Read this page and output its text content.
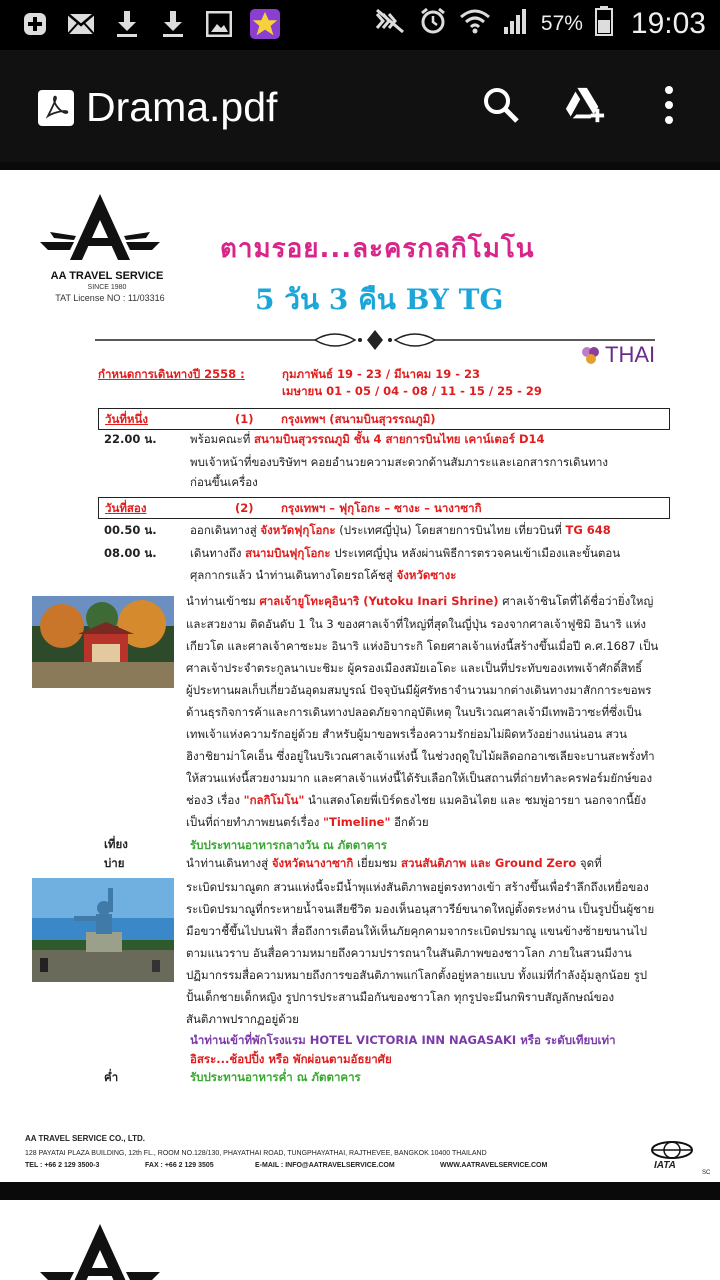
57% 19:03
Drama.pdf
AA TRAVEL SERVICE
SINCE 1980
TAT License NO : 11/03316
ตามรอย...ละครกลกิโมโน
5 วัน 3 คืน BY TG
THAI
กำหนดการเดินทางปี 2558 :	กุมภาพันธ์ 19 - 23 / มีนาคม 19 - 23
เมษายน 01 - 05 / 04 - 08 / 11 - 15 / 25 - 29
วันที่หนึ่ง	(1) กรุงเทพฯ (สนามบินสุวรรณภูมิ)
22.00 น.	พร้อมคณะที่ สนามบินสุวรรณภูมิ ชั้น 4 สายการบินไทย เคาน์เตอร์ D14
พบเจ้าหน้าที่ของบริษัทฯ คอยอำนวยความสะดวกด้านสัมภาระและเอกสารการเดินทาง
ก่อนขึ้นเครื่อง
วันที่สอง	(2) กรุงเทพฯ – ฟุกุโอกะ – ซางะ – นางาซากิ
00.50 น.	ออกเดินทางสู่ จังหวัดฟุกุโอกะ (ประเทศญี่ปุ่น) โดยสายการบินไทย เที่ยวบินที่ TG 648
08.00 น.	เดินทางถึง สนามบินฟุกุโอกะ ประเทศญี่ปุ่น หลังผ่านพิธีการตรวจคนเข้าเมืองและขั้นตอน
ศุลกากรแล้ว นำท่านเดินทางโดยรถโค้ชสู่ จังหวัดซางะ
นำท่านเข้าชม ศาลเจ้ายูโทะคุอินาริ (Yutoku Inari Shrine) ศาลเจ้าชินโตที่ได้ชื่อว่ายิ่งใหญ่
และสวยงาม ติดอันดับ 1 ใน 3 ของศาลเจ้าที่ใหญ่ที่สุดในญี่ปุ่น รองจากศาลเจ้าฟูชิมิ อินาริ แห่ง
เกียวโต และศาลเจ้าคาซะมะ อินาริ แห่งอิบาระกิ โดยศาลเจ้าแห่งนี้สร้างขึ้นเมื่อปี ค.ศ.1687 เป็น
ศาลเจ้าประจำตระกูลนาเบะชิมะ ผู้ครองเมืองสมัยเอโดะ และเป็นที่ประทับของเทพเจ้าศักดิ์สิทธิ์
ผู้ประทานผลเก็บเกี่ยวอันอุดมสมบูรณ์ ปัจจุบันมีผู้ศรัทธาจำนวนมากต่างเดินทางมาสักการะขอพร
ด้านธุรกิจการค้าและการเดินทางปลอดภัยจากอุบัติเหตุ ในบริเวณศาลเจ้ามีเทพอิวาซะที่ซึ่งเป็น
เทพเจ้าแห่งความรักอยู่ด้วย สำหรับผู้มาขอพรเรื่องความรักย่อมไม่ผิดหวังอย่างแน่นอน สวน
ฮิงาชิยาม่าโคเอ็น ซึ่งอยู่ในบริเวณศาลเจ้าแห่งนี้ ในช่วงฤดูใบไม้ผลิดอกอาเซเลียจะบานสะพรั่งทำ
ให้สวนแห่งนี้สวยงามมาก และศาลเจ้าแห่งนี้ได้รับเลือกให้เป็นสถานที่ถ่ายทำละครฟอร์มยักษ์ของ
ช่อง3 เรื่อง "กลกิโมโน" นำแสดงโดยพี่เบิร์ดธงไชย แมคอินไตย และ ชมพู่อารยา นอกจากนี้ยัง
เป็นที่ถ่ายทำภาพยนตร์เรื่อง "Timeline" อีกด้วย
เที่ยง	รับประทานอาหารกลางวัน ณ ภัตตาคาร
บ่าย	นำท่านเดินทางสู่ จังหวัดนางาซากิ เยี่ยมชม สวนสันติภาพ และ Ground Zero จุดที่
ระเบิดปรมาณูตก สวนแห่งนี้จะมีน้ำพุแห่งสันติภาพอยู่ตรงทางเข้า สร้างขึ้นเพื่อรำลึกถึงเหยื่อของ
ระเบิดปรมาณูที่กระหายน้ำจนเสียชีวิต มองเห็นอนุสาวรีย์ขนาดใหญ่ตั้งตระหง่าน เป็นรูปปั้นผู้ชาย
มือขวาชี้ขึ้นไปบนฟ้า สื่อถึงการเตือนให้เห็นภัยคุกคามจากระเบิดปรมาณู แขนข้างซ้ายขนานไป
ตามแนวราบ อันสื่อความหมายถึงความปรารถนาในสันติภาพของชาวโลก ภายในสวนมีงาน
ปฏิมากรรมสื่อความหมายถึงการขอสันติภาพแก่โลกตั้งอยู่หลายแบบ ทั้งแม่ที่กำลังอุ้มลูกน้อย รูป
ปั้นเด็กชายเด็กหญิง รูปการประสานมือกันของชาวโลก ทุกรูปจะมีนกพิราบสัญลักษณ์ของ
สันติภาพปรากฏอยู่ด้วย
นำท่านเข้าที่พักโรงแรม HOTEL VICTORIA INN NAGASAKI หรือ ระดับเทียบเท่า
อิสระ...ช้อปปิ้ง หรือ พักผ่อนตามอัธยาศัย
ค่ำ	รับประทานอาหารค่ำ ณ ภัตตาคาร
AA TRAVEL SERVICE CO., LTD.
128 PAYATAI PLAZA BUILDING, 12th FL., ROOM NO.128/130, PHAYATHAI ROAD, TUNGPHAYATHAI, RAJTHEVEE, BANGKOK 10400 THAILAND
TEL : +66 2 129 3500-3	FAX : +66 2 129 3505	E-MAIL : INFO@AATRAVELSERVICE.COM	WWW.AATRAVELSERVICE.COM	IATA
SC
